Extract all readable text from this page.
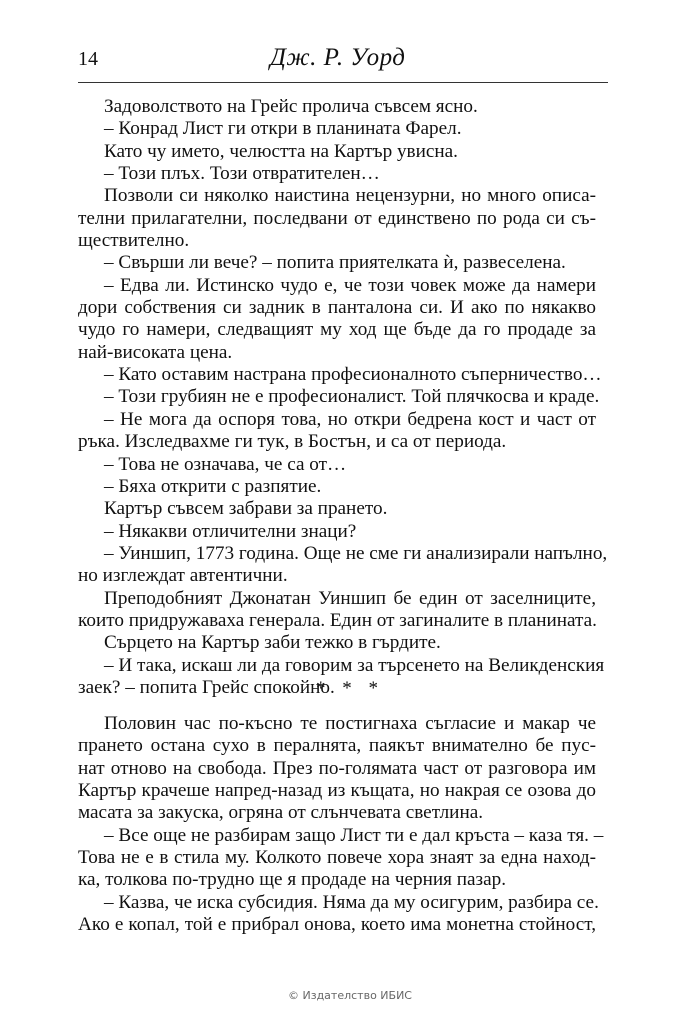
14	Дж. Р. Уорд
Задоволството на Грейс пролича съвсем ясно.
– Конрад Лист ги откри в планината Фарел.
Като чу името, челюстта на Картър увисна.
– Този плъх. Този отвратителен…
Позволи си няколко наистина нецензурни, но много описа-
телни прилагателни, последвани от единствено по рода си съ-
ществително.
– Свърши ли вече? – попита приятелката ѝ, развеселена.
– Едва ли. Истинско чудо е, че този човек може да намери
дори собствения си задник в панталона си. И ако по някакво
чудо го намери, следващият му ход ще бъде да го продаде за
най-високата цена.
– Като оставим настрана професионалното съперничество…
– Този грубиян не е професионалист. Той плячкосва и краде.
– Не мога да оспоря това, но откри бедрена кост и част от
ръка. Изследвахме ги тук, в Бостън, и са от периода.
– Това не означава, че са от…
– Бяха открити с разпятие.
Картър съвсем забрави за прането.
– Някакви отличителни знаци?
– Уиншип, 1773 година. Още не сме ги анализирали напълно,
но изглеждат автентични.
Преподобният Джонатан Уиншип бе един от заселниците,
които придружаваха генерала. Един от загиналите в планината.
Сърцето на Картър заби тежко в гърдите.
– И така, искаш ли да говорим за търсенето на Великденския
заек? – попита Грейс спокойно.
* * *
Половин час по-късно те постигнаха съгласие и макар че
прането остана сухо в пералнята, паякът внимателно бе пус-
нат отново на свобода. През по-голямата част от разговора им
Картър крачеше напред-назад из къщата, но накрая се озова до
масата за закуска, огряна от слънчевата светлина.
– Все още не разбирам защо Лист ти е дал кръста – каза тя. –
Това не е в стила му. Колкото повече хора знаят за една наход-
ка, толкова по-трудно ще я продаде на черния пазар.
– Казва, че иска субсидия. Няма да му осигурим, разбира се.
Ако е копал, той е прибрал онова, което има монетна стойност,
© Издателство ИБИС
